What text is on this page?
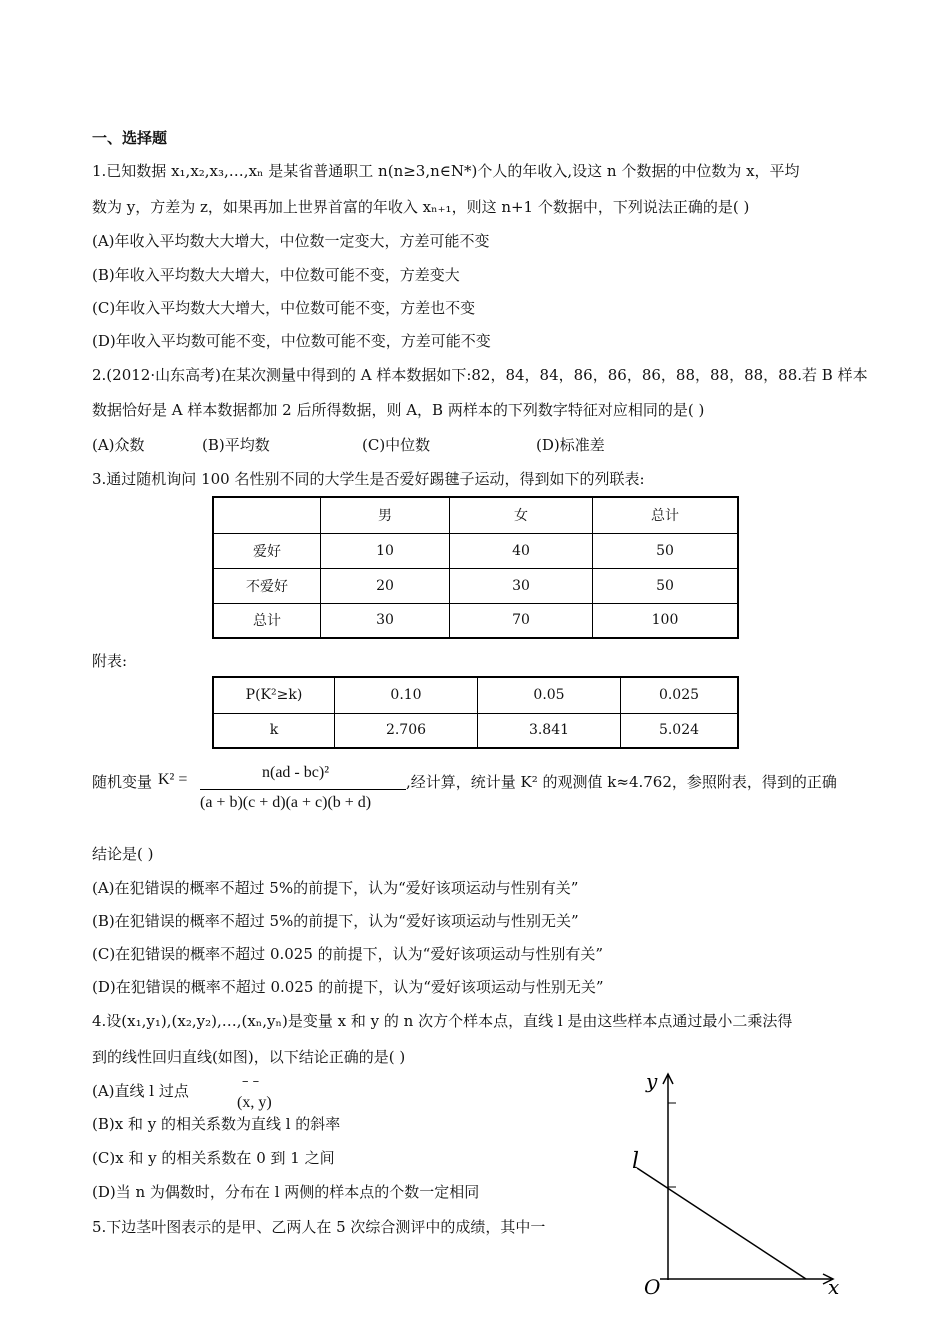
一、选择题
1.已知数据 x₁,x₂,x₃,…,xₙ 是某省普通职工 n(n≥3,n∈N*)个人的年收入,设这 n 个数据的中位数为 x，平均
数为 y，方差为 z，如果再加上世界首富的年收入 xₙ₊₁，则这 n+1 个数据中，下列说法正确的是( )
(A)年收入平均数大大增大，中位数一定变大，方差可能不变
(B)年收入平均数大大增大，中位数可能不变，方差变大
(C)年收入平均数大大增大，中位数可能不变，方差也不变
(D)年收入平均数可能不变，中位数可能不变，方差可能不变
2.(2012·山东高考)在某次测量中得到的 A 样本数据如下:82，84，84，86，86，86，88，88，88，88.若 B 样本
数据恰好是 A 样本数据都加 2 后所得数据，则 A，B 两样本的下列数字特征对应相同的是( )
(A)众数	(B)平均数	(C)中位数	(D)标准差
3.通过随机询问 100 名性别不同的大学生是否爱好踢毽子运动，得到如下的列联表:
	男	女	总计
爱好	10	40	50
不爱好	20	30	50
总计	30	70	100
附表:
P(K²≥k)	0.10	0.05	0.025
k	2.706	3.841	5.024
随机变量 K² =	n(ad - bc)²
(a + b)(c + d)(a + c)(b + d)
,经计算，统计量 K² 的观测值 k≈4.762，参照附表，得到的正确
结论是( )
(A)在犯错误的概率不超过 5%的前提下，认为“爱好该项运动与性别有关”
(B)在犯错误的概率不超过 5%的前提下，认为“爱好该项运动与性别无关”
(C)在犯错误的概率不超过 0.025 的前提下，认为“爱好该项运动与性别有关”
(D)在犯错误的概率不超过 0.025 的前提下，认为“爱好该项运动与性别无关”
4.设(x₁,y₁),(x₂,y₂),…,(xₙ,yₙ)是变量 x 和 y 的 n 次方个样本点，直线 l 是由这些样本点通过最小二乘法得
到的线性回归直线(如图)，以下结论正确的是( )
(A)直线 l 过点
– –
(x, y)
(B)x 和 y 的相关系数为直线 l 的斜率
(C)x 和 y 的相关系数在 0 到 1 之间
(D)当 n 为偶数时，分布在 l 两侧的样本点的个数一定相同
5.下边茎叶图表示的是甲、乙两人在 5 次综合测评中的成绩，其中一
y
x
O
l
